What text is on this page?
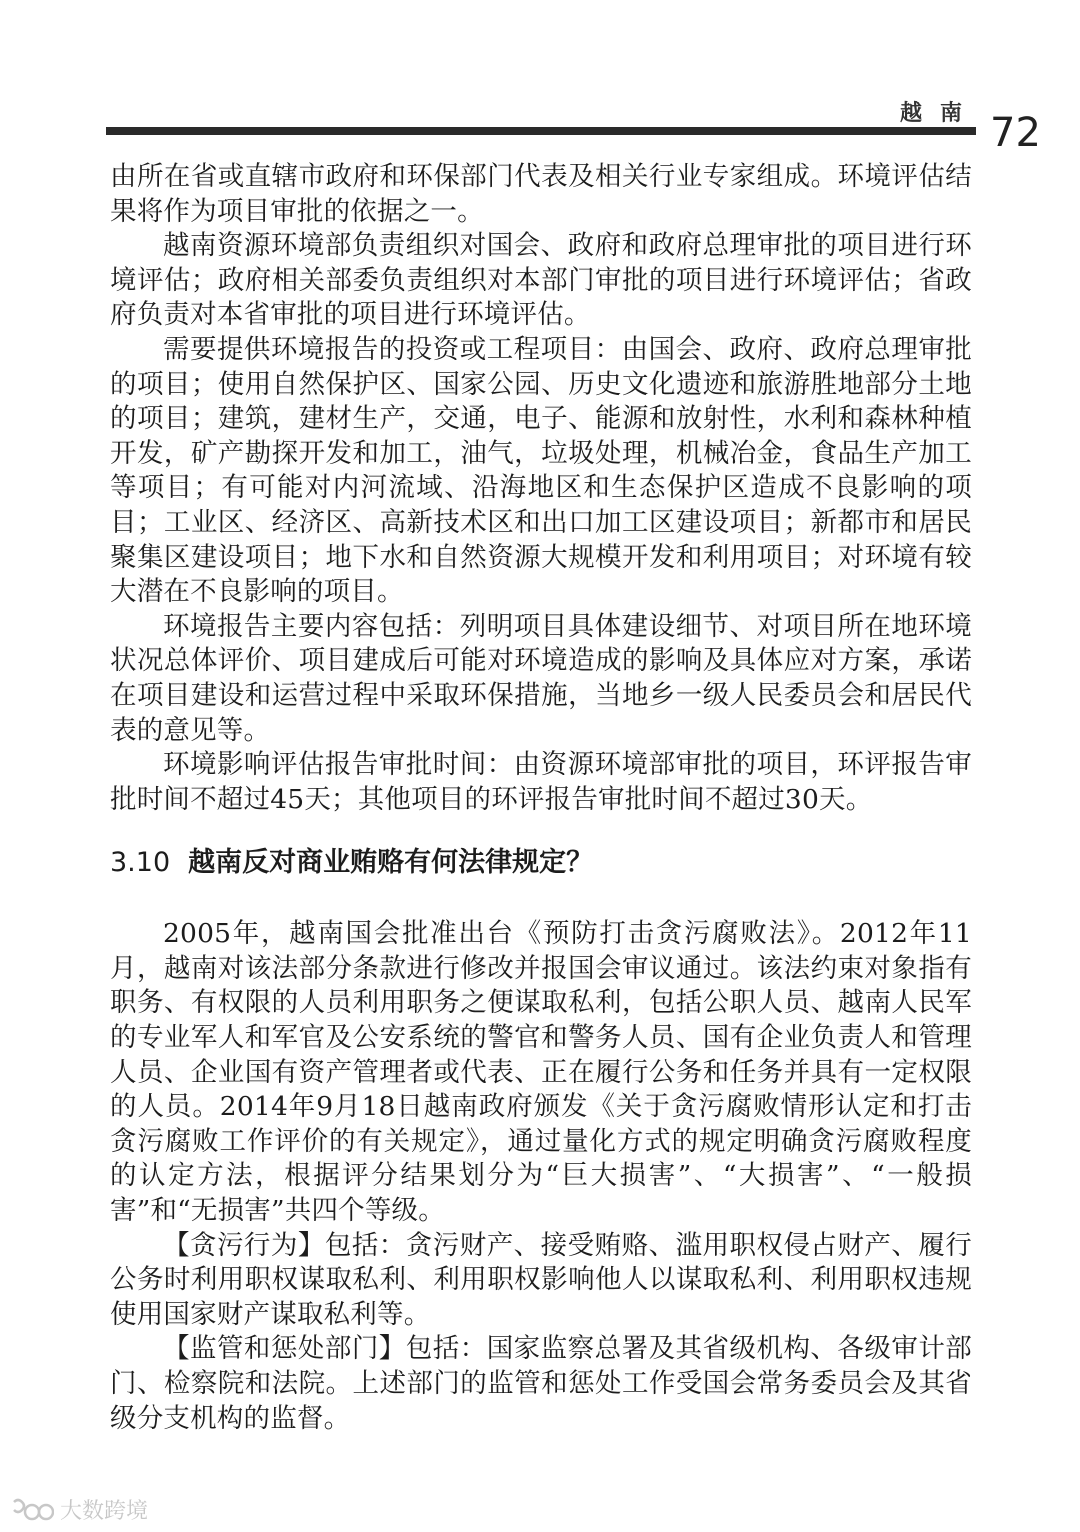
越南 72

由所在省或直辖市政府和环保部门代表及相关行业专家组成。环境评估结果将作为项目审批的依据之一。

越南资源环境部负责组织对国会、政府和政府总理审批的项目进行环境评估；政府相关部委负责组织对本部门审批的项目进行环境评估；省政府负责对本省审批的项目进行环境评估。

需要提供环境报告的投资或工程项目：由国会、政府、政府总理审批的项目；使用自然保护区、国家公园、历史文化遗迹和旅游胜地部分土地的项目；建筑，建材生产，交通，电子、能源和放射性，水利和森林种植开发，矿产勘探开发和加工，油气，垃圾处理，机械冶金，食品生产加工等项目；有可能对内河流域、沿海地区和生态保护区造成不良影响的项目；工业区、经济区、高新技术区和出口加工区建设项目；新都市和居民聚集区建设项目；地下水和自然资源大规模开发和利用项目；对环境有较大潜在不良影响的项目。

环境报告主要内容包括：列明项目具体建设细节、对项目所在地环境状况总体评价、项目建成后可能对环境造成的影响及具体应对方案，承诺在项目建设和运营过程中采取环保措施，当地乡一级人民委员会和居民代表的意见等。

环境影响评估报告审批时间：由资源环境部审批的项目，环评报告审批时间不超过45天；其他项目的环评报告审批时间不超过30天。

3.10 越南反对商业贿赂有何法律规定？

2005年，越南国会批准出台《预防打击贪污腐败法》。2012年11月，越南对该法部分条款进行修改并报国会审议通过。该法约束对象指有职务、有权限的人员利用职务之便谋取私利，包括公职人员、越南人民军的专业军人和军官及公安系统的警官和警务人员、国有企业负责人和管理人员、企业国有资产管理者或代表、正在履行公务和任务并具有一定权限的人员。2014年9月18日越南政府颁发《关于贪污腐败情形认定和打击贪污腐败工作评价的有关规定》，通过量化方式的规定明确贪污腐败程度的认定方法，根据评分结果划分为“巨大损害”、“大损害”、“一般损害”和“无损害”共四个等级。

【贪污行为】包括：贪污财产、接受贿赂、滥用职权侵占财产、履行公务时利用职权谋取私利、利用职权影响他人以谋取私利、利用职权违规使用国家财产谋取私利等。

【监管和惩处部门】包括：国家监察总署及其省级机构、各级审计部门、检察院和法院。上述部门的监管和惩处工作受国会常务委员会及其省级分支机构的监督。

大数跨境
